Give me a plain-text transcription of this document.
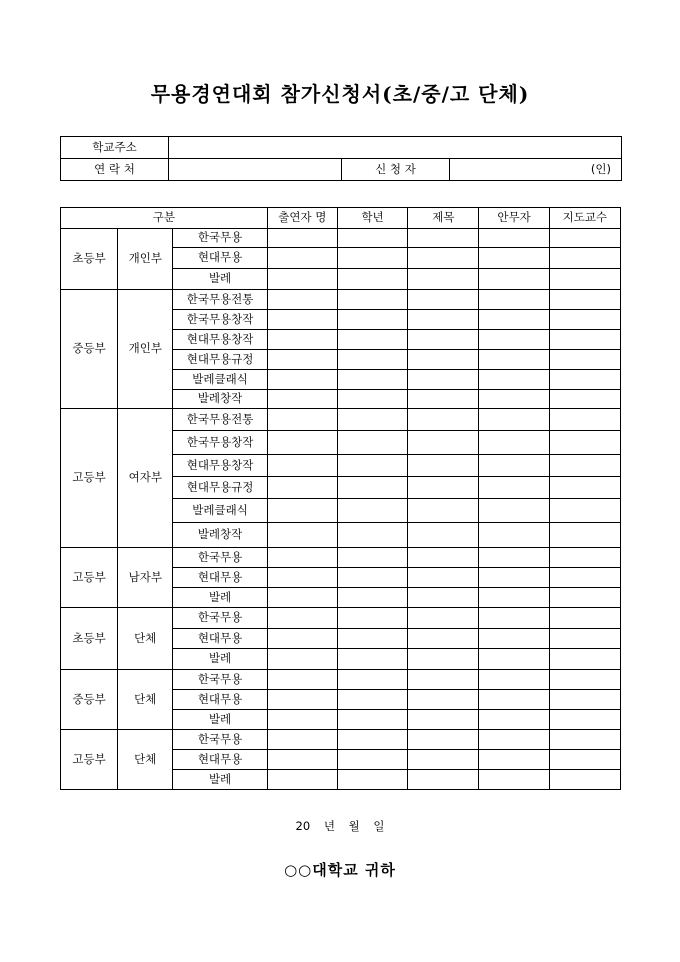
무용경연대회 참가신청서(초/중/고 단체)
학교주소			
연 락 처		신 청 자	(인)
구분			출연자 명	학년	제목	안무자	지도교수
초등부	개인부	한국무용					
		현대무용					
		발레					
중등부	개인부	한국무용전통					
		한국무용창작					
		현대무용창작					
		현대무용규정					
		발레클래식					
		발레창작					
고등부	여자부	한국무용전통					
		한국무용창작					
		현대무용창작					
		현대무용규정					
		발레클래식					
		발레창작					
고등부	남자부	한국무용					
		현대무용					
		발레					
초등부	단체	한국무용					
		현대무용					
		발레					
중등부	단체	한국무용					
		현대무용					
		발레					
고등부	단체	한국무용					
		현대무용					
		발레					
20 년 월 일
○○대학교 귀하
